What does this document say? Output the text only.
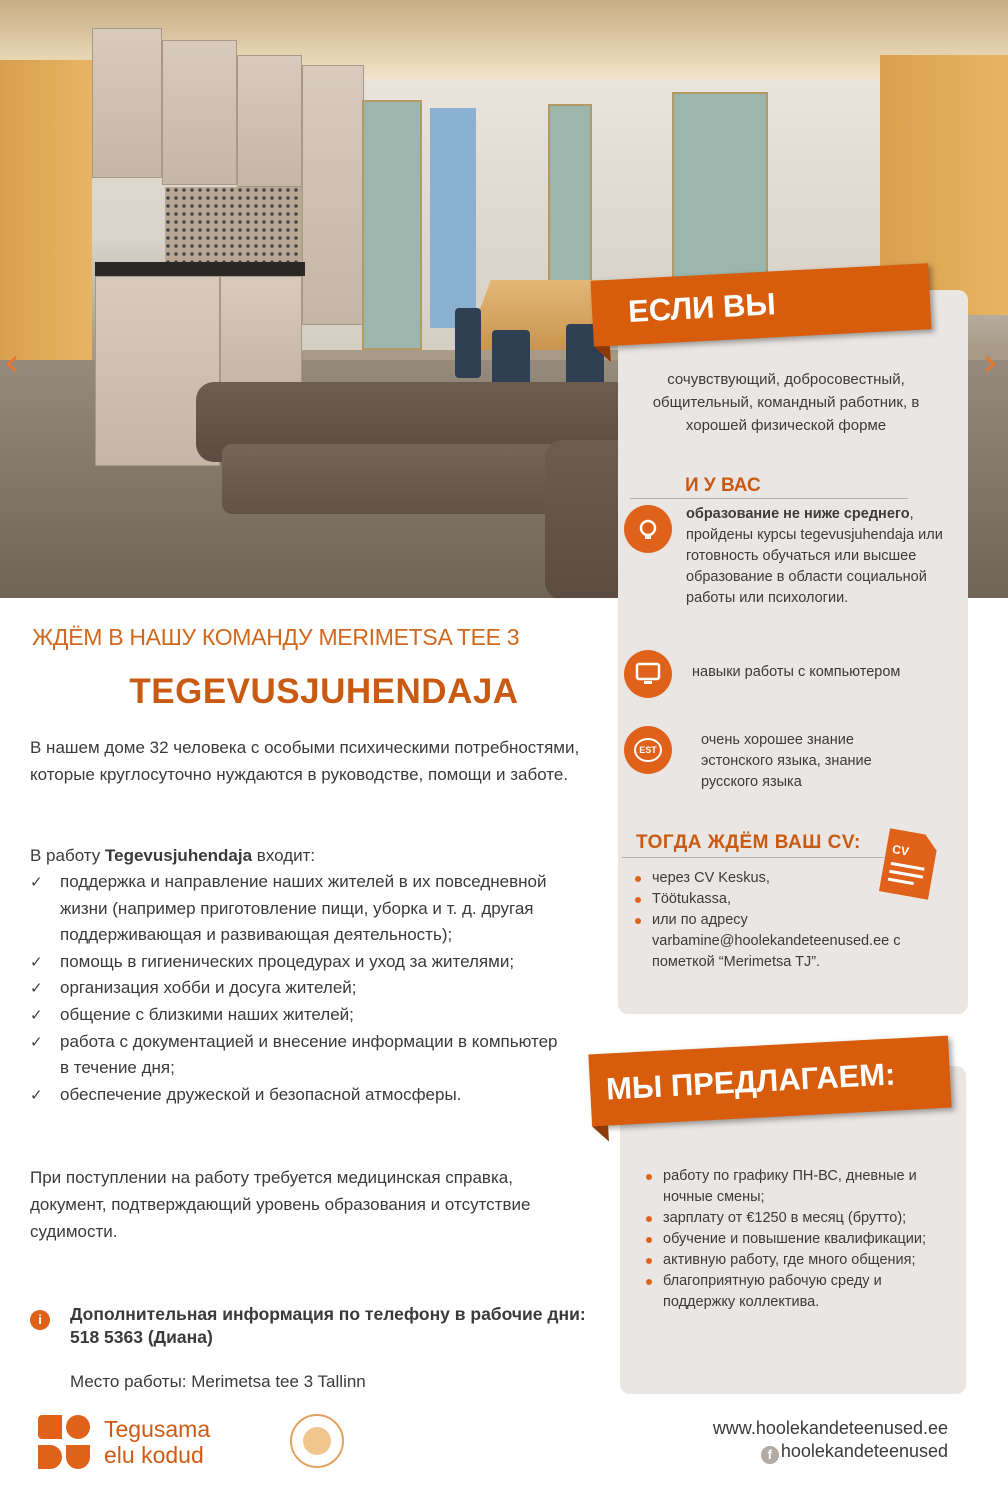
‹	›
ЕСЛИ ВЫ
сочувствующий, добросовестный, общительный, командный работник, в хорошей физической форме
И У ВАС
образование не ниже среднего, пройдены курсы tegevusjuhendaja или готовность обучаться или высшее образование в области социальной работы или психологии.
навыки работы с компьютером
EST
очень хорошее знание эстонского языка, знание русского языка
ТОГДА ЖДЁМ ВАШ CV:	CV
через CV Keskus,
Töötukassa,
или по адресу varbamine@hoolekandeteenused.ee с пометкой “Merimetsa TJ”.
МЫ ПРЕДЛАГАЕМ:
работу по графику ПН-ВС, дневные и ночные смены;
зарплату от €1250 в месяц (брутто);
обучение и повышение квалификации;
активную работу, где много общения;
благоприятную рабочую среду и поддержку коллектива.
ЖДЁМ В НАШУ КОМАНДУ MERIMETSA TEE 3
TEGEVUSJUHENDAJA

В нашем доме 32 человека с особыми психическими потребностями, которые круглосуточно нуждаются в руководстве, помощи и заботе.

В работу Tegevusjuhendaja входит:

✓ поддержка и направление наших жителей в их повседневной жизни (например приготовление пищи, уборка и т. д. другая поддерживающая и развивающая деятельность);
✓ помощь в гигиенических процедурах и уход за жителями;
✓ организация хобби и досуга жителей;
✓ общение с близкими наших жителей;
✓ работа с документацией и внесение информации в компьютер в течение дня;
✓ обеспечение дружеской и безопасной атмосферы.

При поступлении на работу требуется медицинская справка, документ, подтверждающий уровень образования и отсутствие судимости.

i	Дополнительная информация по телефону в рабочие дни: 518 5363 (Диана)
Место работы: Merimetsa tee 3 Tallinn
Tegusama
elu kodud
www.hoolekandeteenused.ee
f hoolekandeteenused
